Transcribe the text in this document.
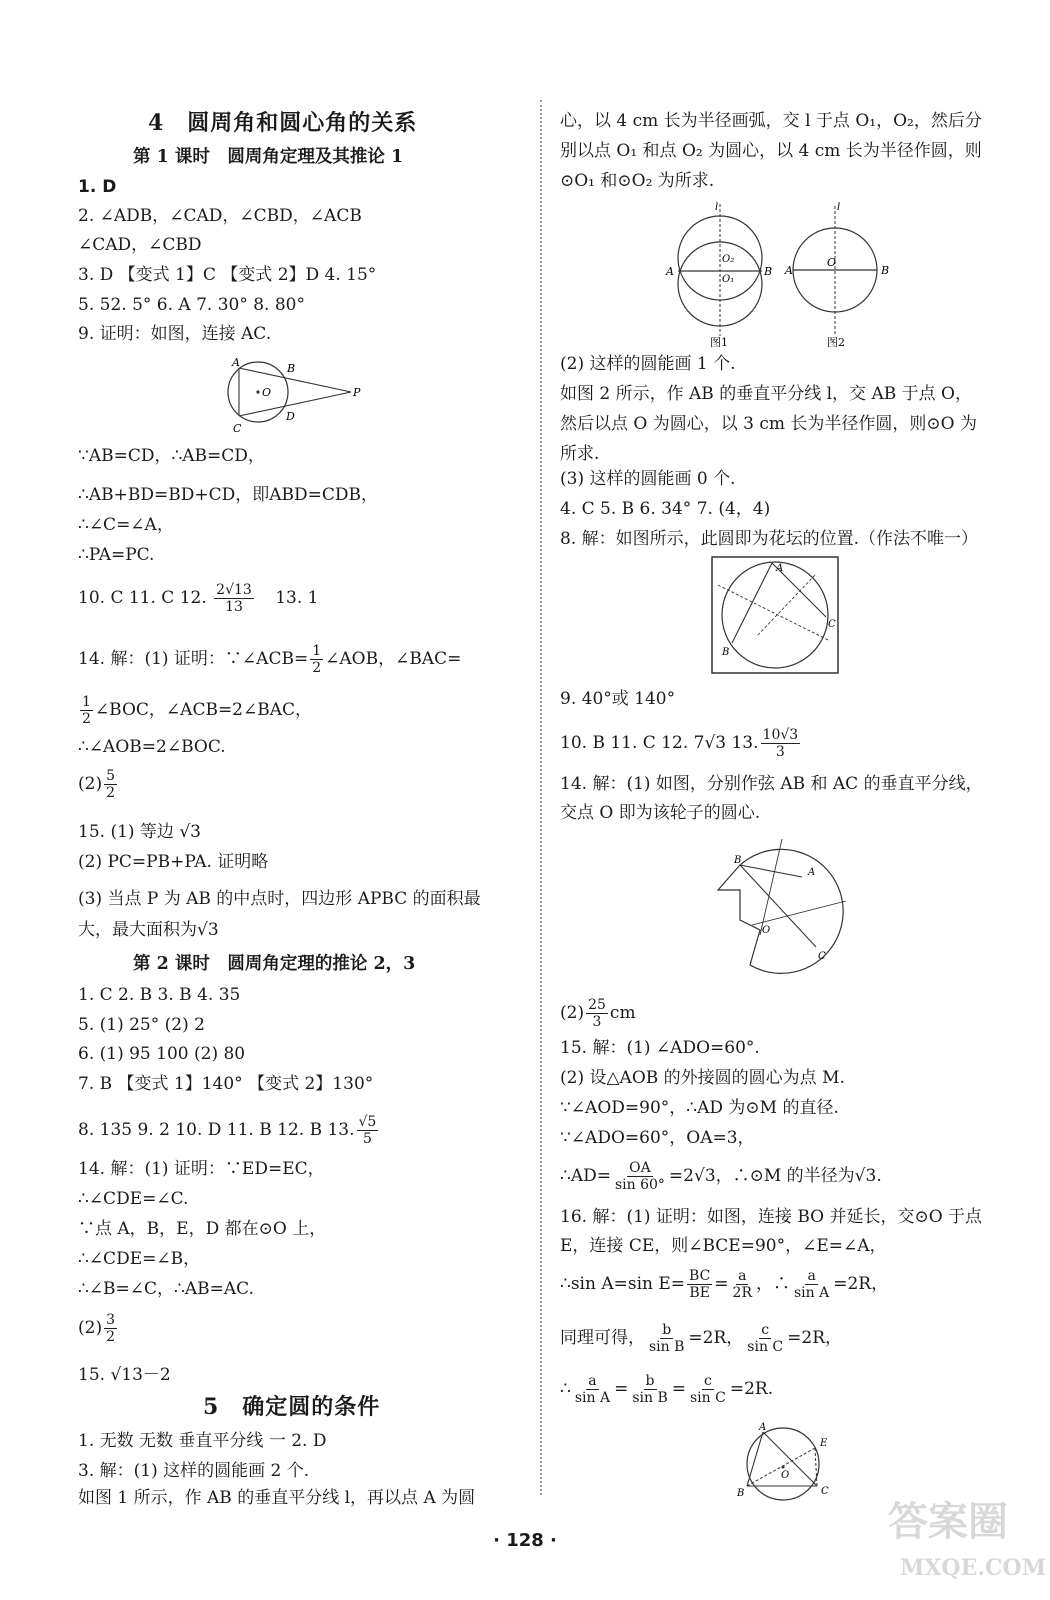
4　圆周角和圆心角的关系
第 1 课时　圆周角定理及其推论 1
1. D
2. ∠ADB，∠CAD，∠CBD，∠ACB
∠CAD，∠CBD
3. D 【变式 1】C 【变式 2】D 4. 15°
5. 52. 5° 6. A 7. 30° 8. 80°
9. 证明：如图，连接 AC.
A	B
C
D
O	P
∵AB=CD，∴AB=CD，
∴AB+BD=BD+CD，即ABD=CDB，
∴∠C=∠A，
∴PA=PC.
10. C 11. C 12. $\frac{2√13}{13} 13$. 1
14. 解：(1) 证明：∵∠ACB= $\frac{1}{2}$ ∠AOB，∠BAC=
$\frac{1}{2}$ ∠BOC，∠ACB=2∠BAC，
∴∠AOB=2∠BOC.
$(2) \frac{5}{2}$
15. (1) 等边 √3
(2) PC=PB+PA. 证明略
(3) 当点 P 为 AB 的中点时，四边形 APBC 的面积最
大，最大面积为√3
第 2 课时　圆周角定理的推论 2，3
1. C 2. B 3. B 4. 35
5. (1) 25° (2) 2
6. (1) 95 100 (2) 80
7. B 【变式 1】140° 【变式 2】130°
8. 135 9. 2 10. D 11. B 12. B 13. $\frac{√5}{5}$
14. 解：(1) 证明：∵ED=EC，
∴∠CDE=∠C.
∵点 A，B，E，D 都在⊙O 上，
∴∠CDE=∠B，
∴∠B=∠C，∴AB=AC.
$(2) \frac{3}{2}$
15. √13－2
5　确定圆的条件
1. 无数 无数 垂直平分线 一 2. D
3. 解：(1) 这样的圆能画 2 个.
如图 1 所示，作 AB 的垂直平分线 l，再以点 A 为圆
心，以 4 cm 长为半径画弧，交 l 于点 O₁，O₂，然后分
别以点 O₁ 和点 O₂ 为圆心，以 4 cm 长为半径作圆，则
⊙O₁ 和⊙O₂ 为所求.
l
A	B
O₂
O₁
图1
l
A	B
O
图2
(2) 这样的圆能画 1 个.
如图 2 所示，作 AB 的垂直平分线 l，交 AB 于点 O，
然后以点 O 为圆心，以 3 cm 长为半径作圆，则⊙O 为
所求.
(3) 这样的圆能画 0 个.
4. C 5. B 6. 34° 7. (4，4)
8. 解：如图所示，此圆即为花坛的位置.（作法不唯一）
A
B
C
9. 40°或 140°
10. B 11. C 12. 7√3 13. $\frac{10√3}{3}$
14. 解：(1) 如图，分别作弦 AB 和 AC 的垂直平分线，
交点 O 即为该轮子的圆心.
B
A
C
O
$(2) \frac{25}{3}$ cm
15. 解：(1) ∠ADO=60°.
(2) 设△AOB 的外接圆的圆心为点 M.
∵∠AOD=90°，∴AD 为⊙M 的直径.
∵∠ADO=60°，OA=3，
∴AD= $\frac{OA}{\sin 60^\circ} =2√3$，∴⊙M 的半径为√3.
16. 解：(1) 证明：如图，连接 BO 并延长，交⊙O 于点
E，连接 CE，则∠BCE=90°，∠E=∠A，
∴sin A=sin $E= \frac{BC}{BE} = \frac{a}{2R}$ ，∴ $\frac{a}{\text{sin A}} =2R$，
同理可得， $\frac{b}{\text{sin B}} =2R$， $\frac{c}{\text{sin C}} =2R$，
∴ $\frac{a}{\text{sin A}} = \frac{b}{\text{sin B}} = \frac{c}{\text{sin C}} =2R$.
A
B	C
E
O
· 128 ·	答案圈
MXQE.COM
